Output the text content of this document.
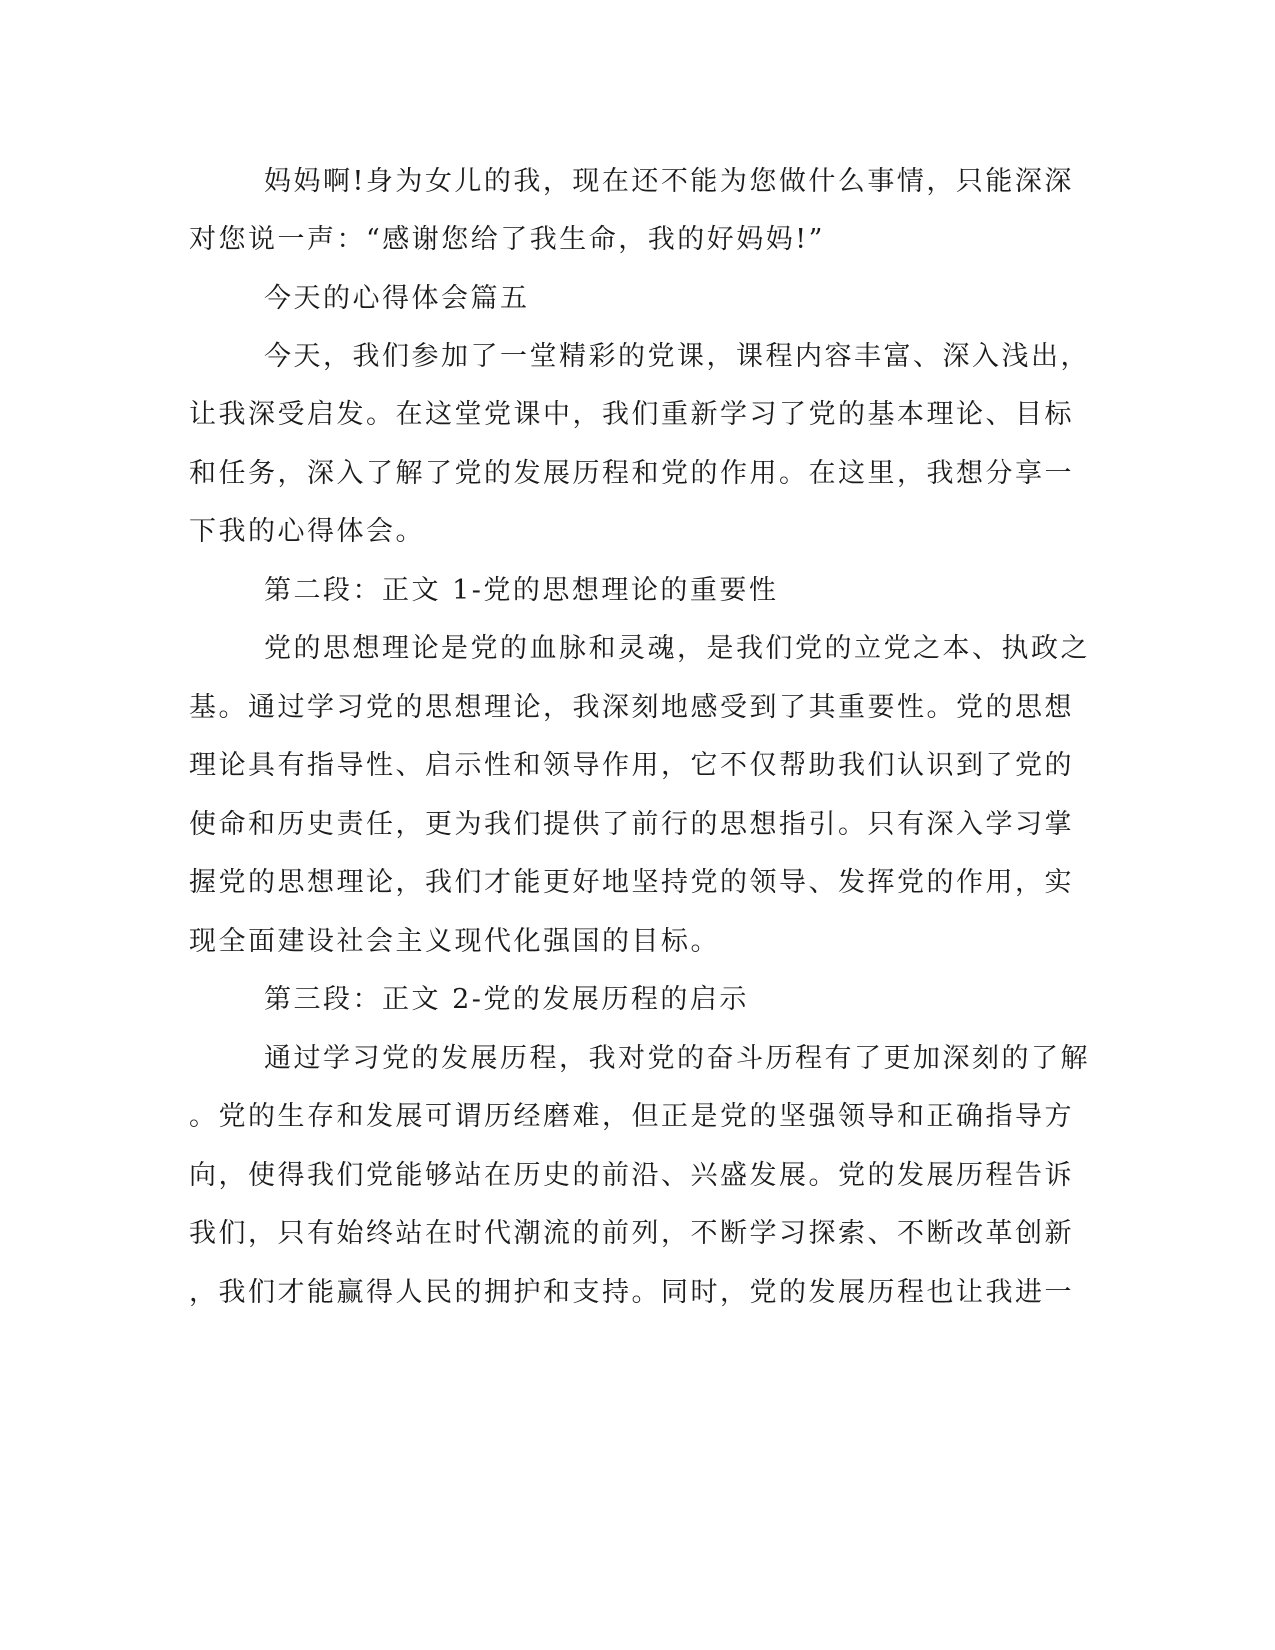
妈妈啊!身为女儿的我，现在还不能为您做什么事情，只能深深
对您说一声：“感谢您给了我生命，我的好妈妈!”
今天的心得体会篇五
今天，我们参加了一堂精彩的党课，课程内容丰富、深入浅出，
让我深受启发。在这堂党课中，我们重新学习了党的基本理论、目标
和任务，深入了解了党的发展历程和党的作用。在这里，我想分享一
下我的心得体会。
第二段：正文 1-党的思想理论的重要性
党的思想理论是党的血脉和灵魂，是我们党的立党之本、执政之
基。通过学习党的思想理论，我深刻地感受到了其重要性。党的思想
理论具有指导性、启示性和领导作用，它不仅帮助我们认识到了党的
使命和历史责任，更为我们提供了前行的思想指引。只有深入学习掌
握党的思想理论，我们才能更好地坚持党的领导、发挥党的作用，实
现全面建设社会主义现代化强国的目标。
第三段：正文 2-党的发展历程的启示
通过学习党的发展历程，我对党的奋斗历程有了更加深刻的了解
。党的生存和发展可谓历经磨难，但正是党的坚强领导和正确指导方
向，使得我们党能够站在历史的前沿、兴盛发展。党的发展历程告诉
我们，只有始终站在时代潮流的前列，不断学习探索、不断改革创新
，我们才能赢得人民的拥护和支持。同时，党的发展历程也让我进一
